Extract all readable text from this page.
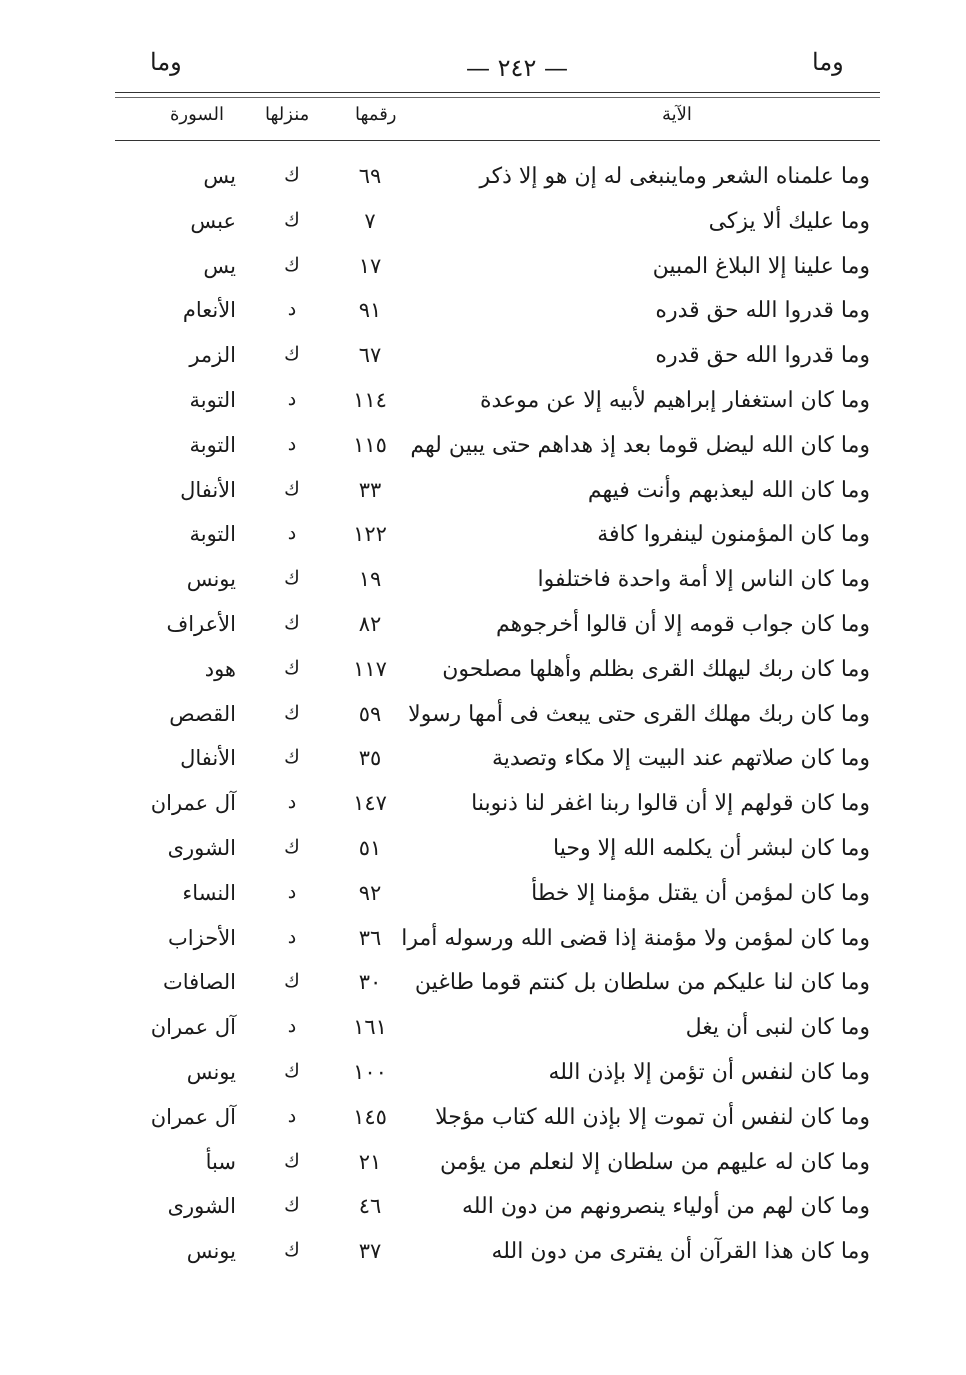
وما
— ٢٤٢ —
وما
الآية
رقمها
منزلها
السورة
وما علمناه الشعر وماينبغى له إن هو إلا ذكر
٦٩
ك
يس
وما عليك ألا يزكى
٧
ك
عبس
وما علينا إلا البلاغ المبين
١٧
ك
يس
وما قدروا الله حق قدره
٩١
د
الأنعام
وما قدروا الله حق قدره
٦٧
ك
الزمر
وما كان استغفار إبراهيم لأبيه إلا عن موعدة
١١٤
د
التوبة
وما كان الله ليضل قوما بعد إذ هداهم حتى يبين لهم
١١٥
د
التوبة
وما كان الله ليعذبهم وأنت فيهم
٣٣
ك
الأنفال
وما كان المؤمنون لينفروا كافة
١٢٢
د
التوبة
وما كان الناس إلا أمة واحدة فاختلفوا
١٩
ك
يونس
وما كان جواب قومه إلا أن قالوا أخرجوهم
٨٢
ك
الأعراف
وما كان ربك ليهلك القرى بظلم وأهلها مصلحون
١١٧
ك
هود
وما كان ربك مهلك القرى حتى يبعث فى أمها رسولا
٥٩
ك
القصص
وما كان صلاتهم عند البيت إلا مكاء وتصدية
٣٥
ك
الأنفال
وما كان قولهم إلا أن قالوا ربنا اغفر لنا ذنوبنا
١٤٧
د
آل عمران
وما كان لبشر أن يكلمه الله إلا وحيا
٥١
ك
الشورى
وما كان لمؤمن أن يقتل مؤمنا إلا خطأ
٩٢
د
النساء
وما كان لمؤمن ولا مؤمنة إذا قضى الله ورسوله أمرا
٣٦
د
الأحزاب
وما كان لنا عليكم من سلطان بل كنتم قوما طاغين
٣٠
ك
الصافات
وما كان لنبى أن يغل
١٦١
د
آل عمران
وما كان لنفس أن تؤمن إلا بإذن الله
١٠٠
ك
يونس
وما كان لنفس أن تموت إلا بإذن الله كتاب مؤجلا
١٤٥
د
آل عمران
وما كان له عليهم من سلطان إلا لنعلم من يؤمن
٢١
ك
سبأ
وما كان لهم من أولياء ينصرونهم من دون الله
٤٦
ك
الشورى
وما كان هذا القرآن أن يفترى من دون الله
٣٧
ك
يونس
